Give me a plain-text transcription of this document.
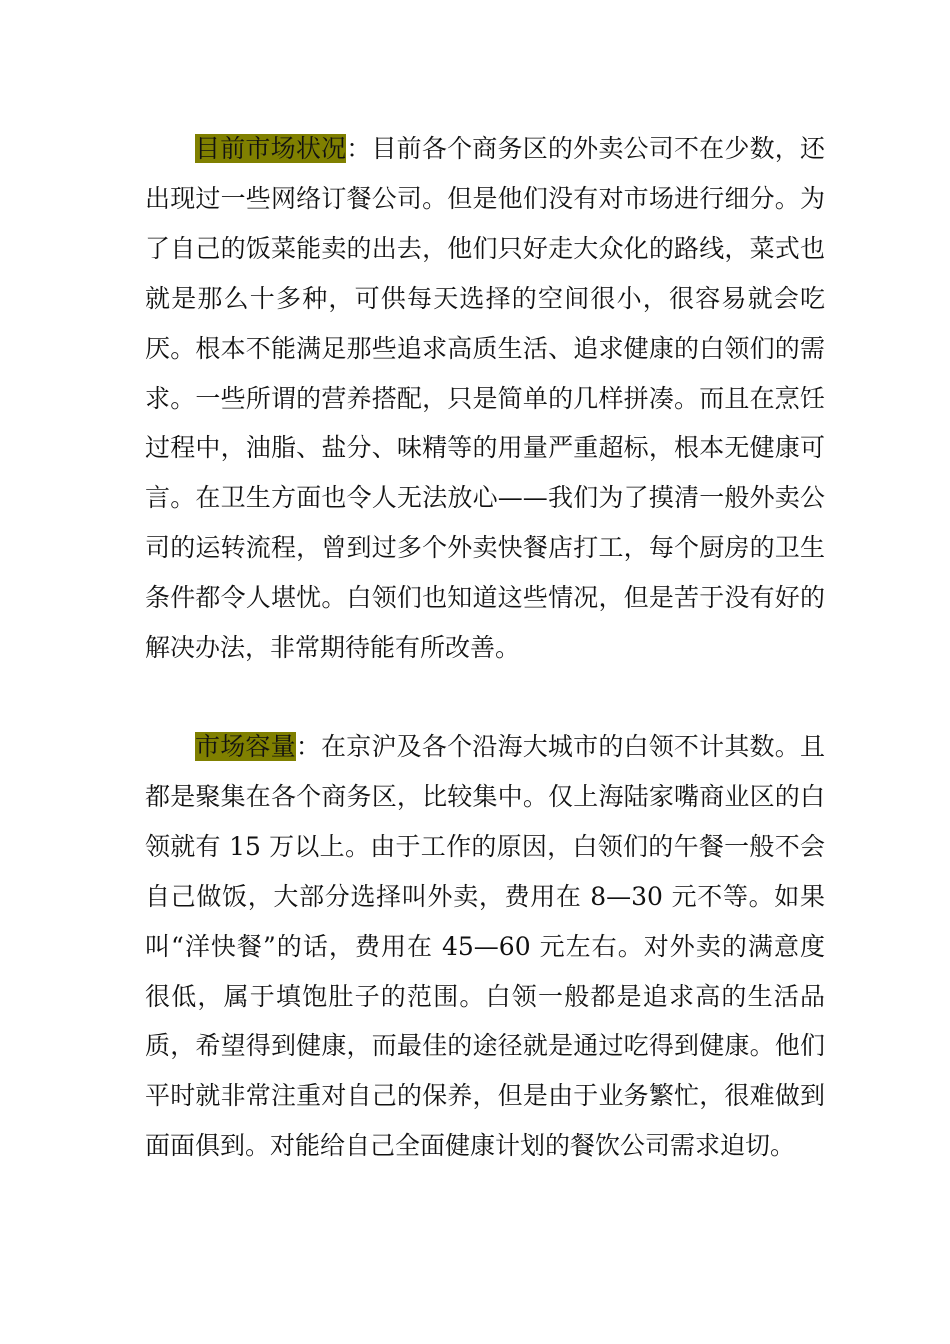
目前市场状况：目前各个商务区的外卖公司不在少数，还出现过一些网络订餐公司。但是他们没有对市场进行细分。为了自己的饭菜能卖的出去，他们只好走大众化的路线，菜式也就是那么十多种，可供每天选择的空间很小，很容易就会吃厌。根本不能满足那些追求高质生活、追求健康的白领们的需求。一些所谓的营养搭配，只是简单的几样拼凑。而且在烹饪过程中，油脂、盐分、味精等的用量严重超标，根本无健康可言。在卫生方面也令人无法放心——我们为了摸清一般外卖公司的运转流程，曾到过多个外卖快餐店打工，每个厨房的卫生条件都令人堪忧。白领们也知道这些情况，但是苦于没有好的解决办法，非常期待能有所改善。

市场容量：在京沪及各个沿海大城市的白领不计其数。且都是聚集在各个商务区，比较集中。仅上海陆家嘴商业区的白领就有 15 万以上。由于工作的原因，白领们的午餐一般不会自己做饭，大部分选择叫外卖，费用在 8—30 元不等。如果叫“洋快餐”的话，费用在 45—60 元左右。对外卖的满意度很低，属于填饱肚子的范围。白领一般都是追求高的生活品质，希望得到健康，而最佳的途径就是通过吃得到健康。他们平时就非常注重对自己的保养，但是由于业务繁忙，很难做到面面俱到。对能给自己全面健康计划的餐饮公司需求迫切。
